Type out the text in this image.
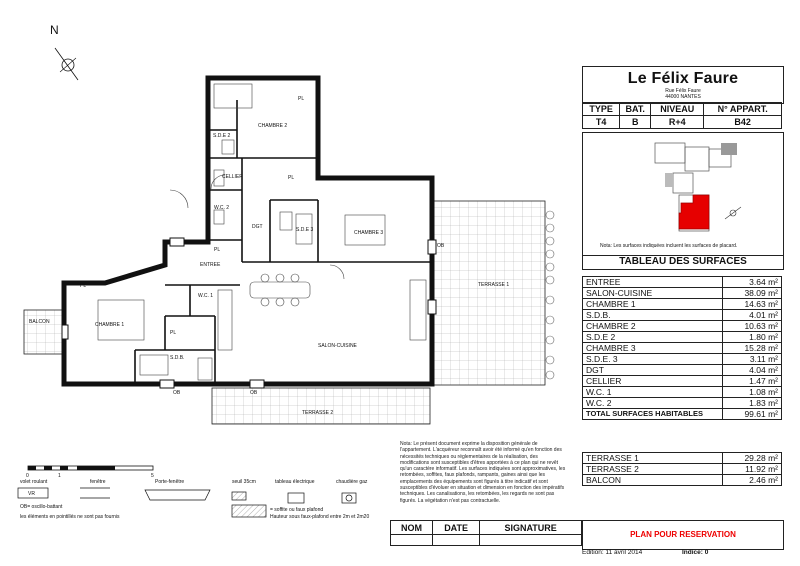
N
CHAMBRE 2
S.D.E 2
CELLIER
W.C. 2
DGT	S.D.E 3	CHAMBRE 3
ENTREE
W.C. 1
CHAMBRE 1
S.D.B.
SALON-CUISINE
BALCON
TERRASSE 1
TERRASSE 2
OB
OB	OB
PL
PL
PL
PL
PL
0	1	5
volet roulant	fenêtre	Porte-fenêtre	seuil 35cm	tableau électrique	chaudière gaz
VR
OB= oscillo-battant
les éléments en pointillés ne sont pas fournis
= soffite ou faux plafond
Hauteur sous faux-plafond entre 2m et 2m20
Le Félix Faure
Rue Félix Faure
44000 NANTES
TYPE	BAT.	NIVEAU	N° APPART.
T4	B	R+4	B42
Nota: Les surfaces indiquées incluent les surfaces de placard.
TABLEAU DES SURFACES
ENTREE	3.64 m²
SALON-CUISINE	38.09 m²
CHAMBRE 1	14.63 m²
S.D.B.	4.01 m²
CHAMBRE 2	10.63 m²
S.D.E 2	1.80 m²
CHAMBRE 3	15.28 m²
S.D.E. 3	3.11 m²
DGT	4.04 m²
CELLIER	1.47 m²
W.C. 1	1.08 m²
W.C. 2	1.83 m²
TOTAL SURFACES HABITABLES	99.61 m²
TERRASSE 1	29.28 m²
TERRASSE 2	11.92 m²
BALCON	2.46 m²
Nota: Le présent document exprime la disposition générale de l'appartement. L'acquéreur reconnaît avoir été informé qu'en fonction des nécessités techniques ou réglementaires de la réalisation, des modifications sont susceptibles d'êtres apportées à ce plan qui ne revêt qu'un caractère informatif. Les surfaces indiquées sont approximatives, les retombées, soffites, faux plafonds, rampants, gaines ainsi que les emplacements des équipements sont figurés à titre indicatif et sont susceptibles d'évoluer en situation et dimension en fonction des impératifs techniques. Les canalisations, les retombées, les regards ne sont pas figurés. La végétation n'est pas contractuelle.
NOM	DATE	SIGNATURE

PLAN POUR RESERVATION
Edition: 11 avril 2014	Indice: 0
